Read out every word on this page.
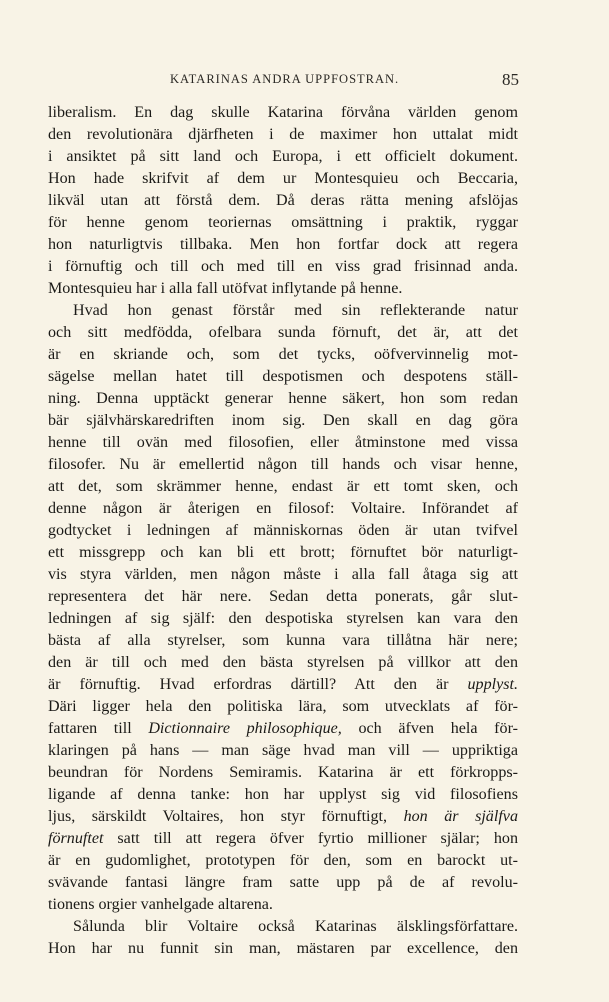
KATARINAS ANDRA UPPFOSTRAN.	85
liberalism. En dag skulle Katarina förvåna världen genom
den revolutionära djärfheten i de maximer hon uttalat midt
i ansiktet på sitt land och Europa, i ett officielt dokument.
Hon hade skrifvit af dem ur Montesquieu och Beccaria,
likväl utan att förstå dem. Då deras rätta mening afslöjas
för henne genom teoriernas omsättning i praktik, ryggar
hon naturligtvis tillbaka. Men hon fortfar dock att regera
i förnuftig och till och med till en viss grad frisinnad anda.
Montesquieu har i alla fall utöfvat inflytande på henne.
Hvad hon genast förstår med sin reflekterande natur
och sitt medfödda, ofelbara sunda förnuft, det är, att det
är en skriande och, som det tycks, oöfvervinnelig mot-
sägelse mellan hatet till despotismen och despotens ställ-
ning. Denna upptäckt generar henne säkert, hon som redan
bär självhärskaredriften inom sig. Den skall en dag göra
henne till ovän med filosofien, eller åtminstone med vissa
filosofer. Nu är emellertid någon till hands och visar henne,
att det, som skrämmer henne, endast är ett tomt sken, och
denne någon är återigen en filosof: Voltaire. Införandet af
godtycket i ledningen af människornas öden är utan tvifvel
ett missgrepp och kan bli ett brott; förnuftet bör naturligt-
vis styra världen, men någon måste i alla fall åtaga sig att
representera det här nere. Sedan detta ponerats, går slut-
ledningen af sig själf: den despotiska styrelsen kan vara den
bästa af alla styrelser, som kunna vara tillåtna här nere;
den är till och med den bästa styrelsen på villkor att den
är förnuftig. Hvad erfordras därtill? Att den är upplyst.
Däri ligger hela den politiska lära, som utvecklats af för-
fattaren till Dictionnaire philosophique, och äfven hela för-
klaringen på hans — man säge hvad man vill — uppriktiga
beundran för Nordens Semiramis. Katarina är ett förkropps-
ligande af denna tanke: hon har upplyst sig vid filosofiens
ljus, särskildt Voltaires, hon styr förnuftigt, hon är själfva
förnuftet satt till att regera öfver fyrtio millioner själar; hon
är en gudomlighet, prototypen för den, som en barockt ut-
svävande fantasi längre fram satte upp på de af revolu-
tionens orgier vanhelgade altarena.
Sålunda blir Voltaire också Katarinas älsklingsförfattare.
Hon har nu funnit sin man, mästaren par excellence, den
